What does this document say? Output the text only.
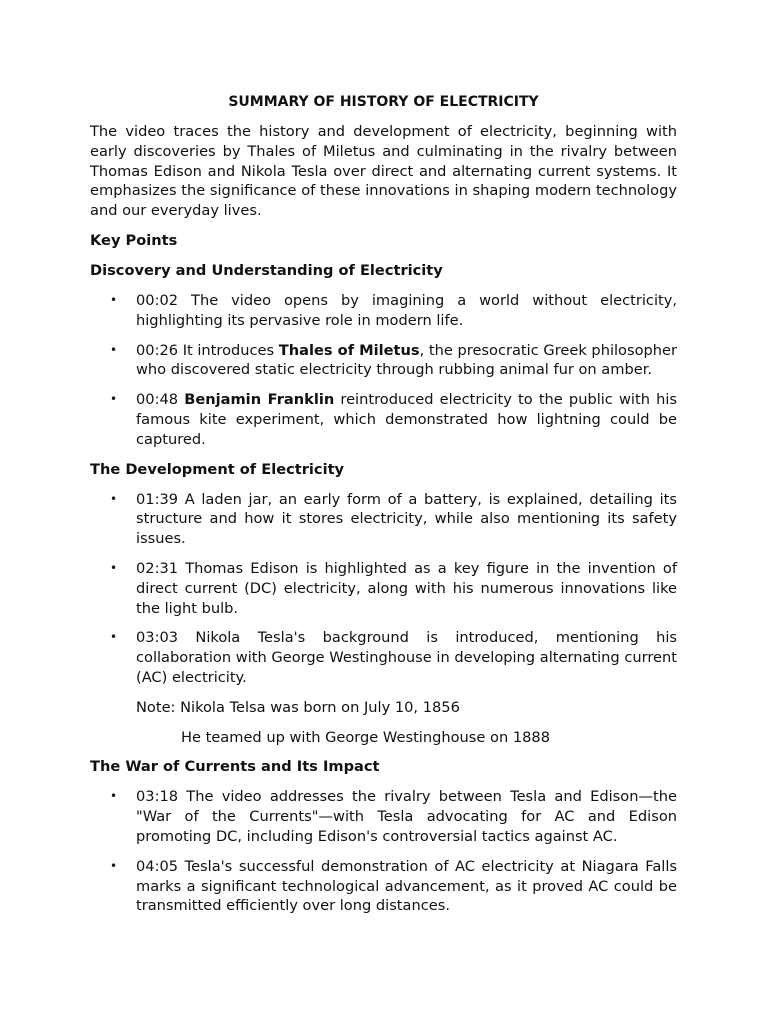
SUMMARY OF HISTORY OF ELECTRICITY

The video traces the history and development of electricity, beginning with early discoveries by Thales of Miletus and culminating in the rivalry between Thomas Edison and Nikola Tesla over direct and alternating current systems. It emphasizes the significance of these innovations in shaping modern technology and our everyday lives.

Key Points
Discovery and Understanding of Electricity
• 00:02 The video opens by imagining a world without electricity, highlighting its pervasive role in modern life.
• 00:26 It introduces Thales of Miletus, the presocratic Greek philosopher who discovered static electricity through rubbing animal fur on amber.
• 00:48 Benjamin Franklin reintroduced electricity to the public with his famous kite experiment, which demonstrated how lightning could be captured.
The Development of Electricity
• 01:39 A laden jar, an early form of a battery, is explained, detailing its structure and how it stores electricity, while also mentioning its safety issues.
• 02:31 Thomas Edison is highlighted as a key figure in the invention of direct current (DC) electricity, along with his numerous innovations like the light bulb.
• 03:03 Nikola Tesla's background is introduced, mentioning his collaboration with George Westinghouse in developing alternating current (AC) electricity.
Note: Nikola Telsa was born on July 10, 1856
He teamed up with George Westinghouse on 1888
The War of Currents and Its Impact
• 03:18 The video addresses the rivalry between Tesla and Edison—the "War of the Currents"—with Tesla advocating for AC and Edison promoting DC, including Edison's controversial tactics against AC.
• 04:05 Tesla's successful demonstration of AC electricity at Niagara Falls marks a significant technological advancement, as it proved AC could be transmitted efficiently over long distances.
